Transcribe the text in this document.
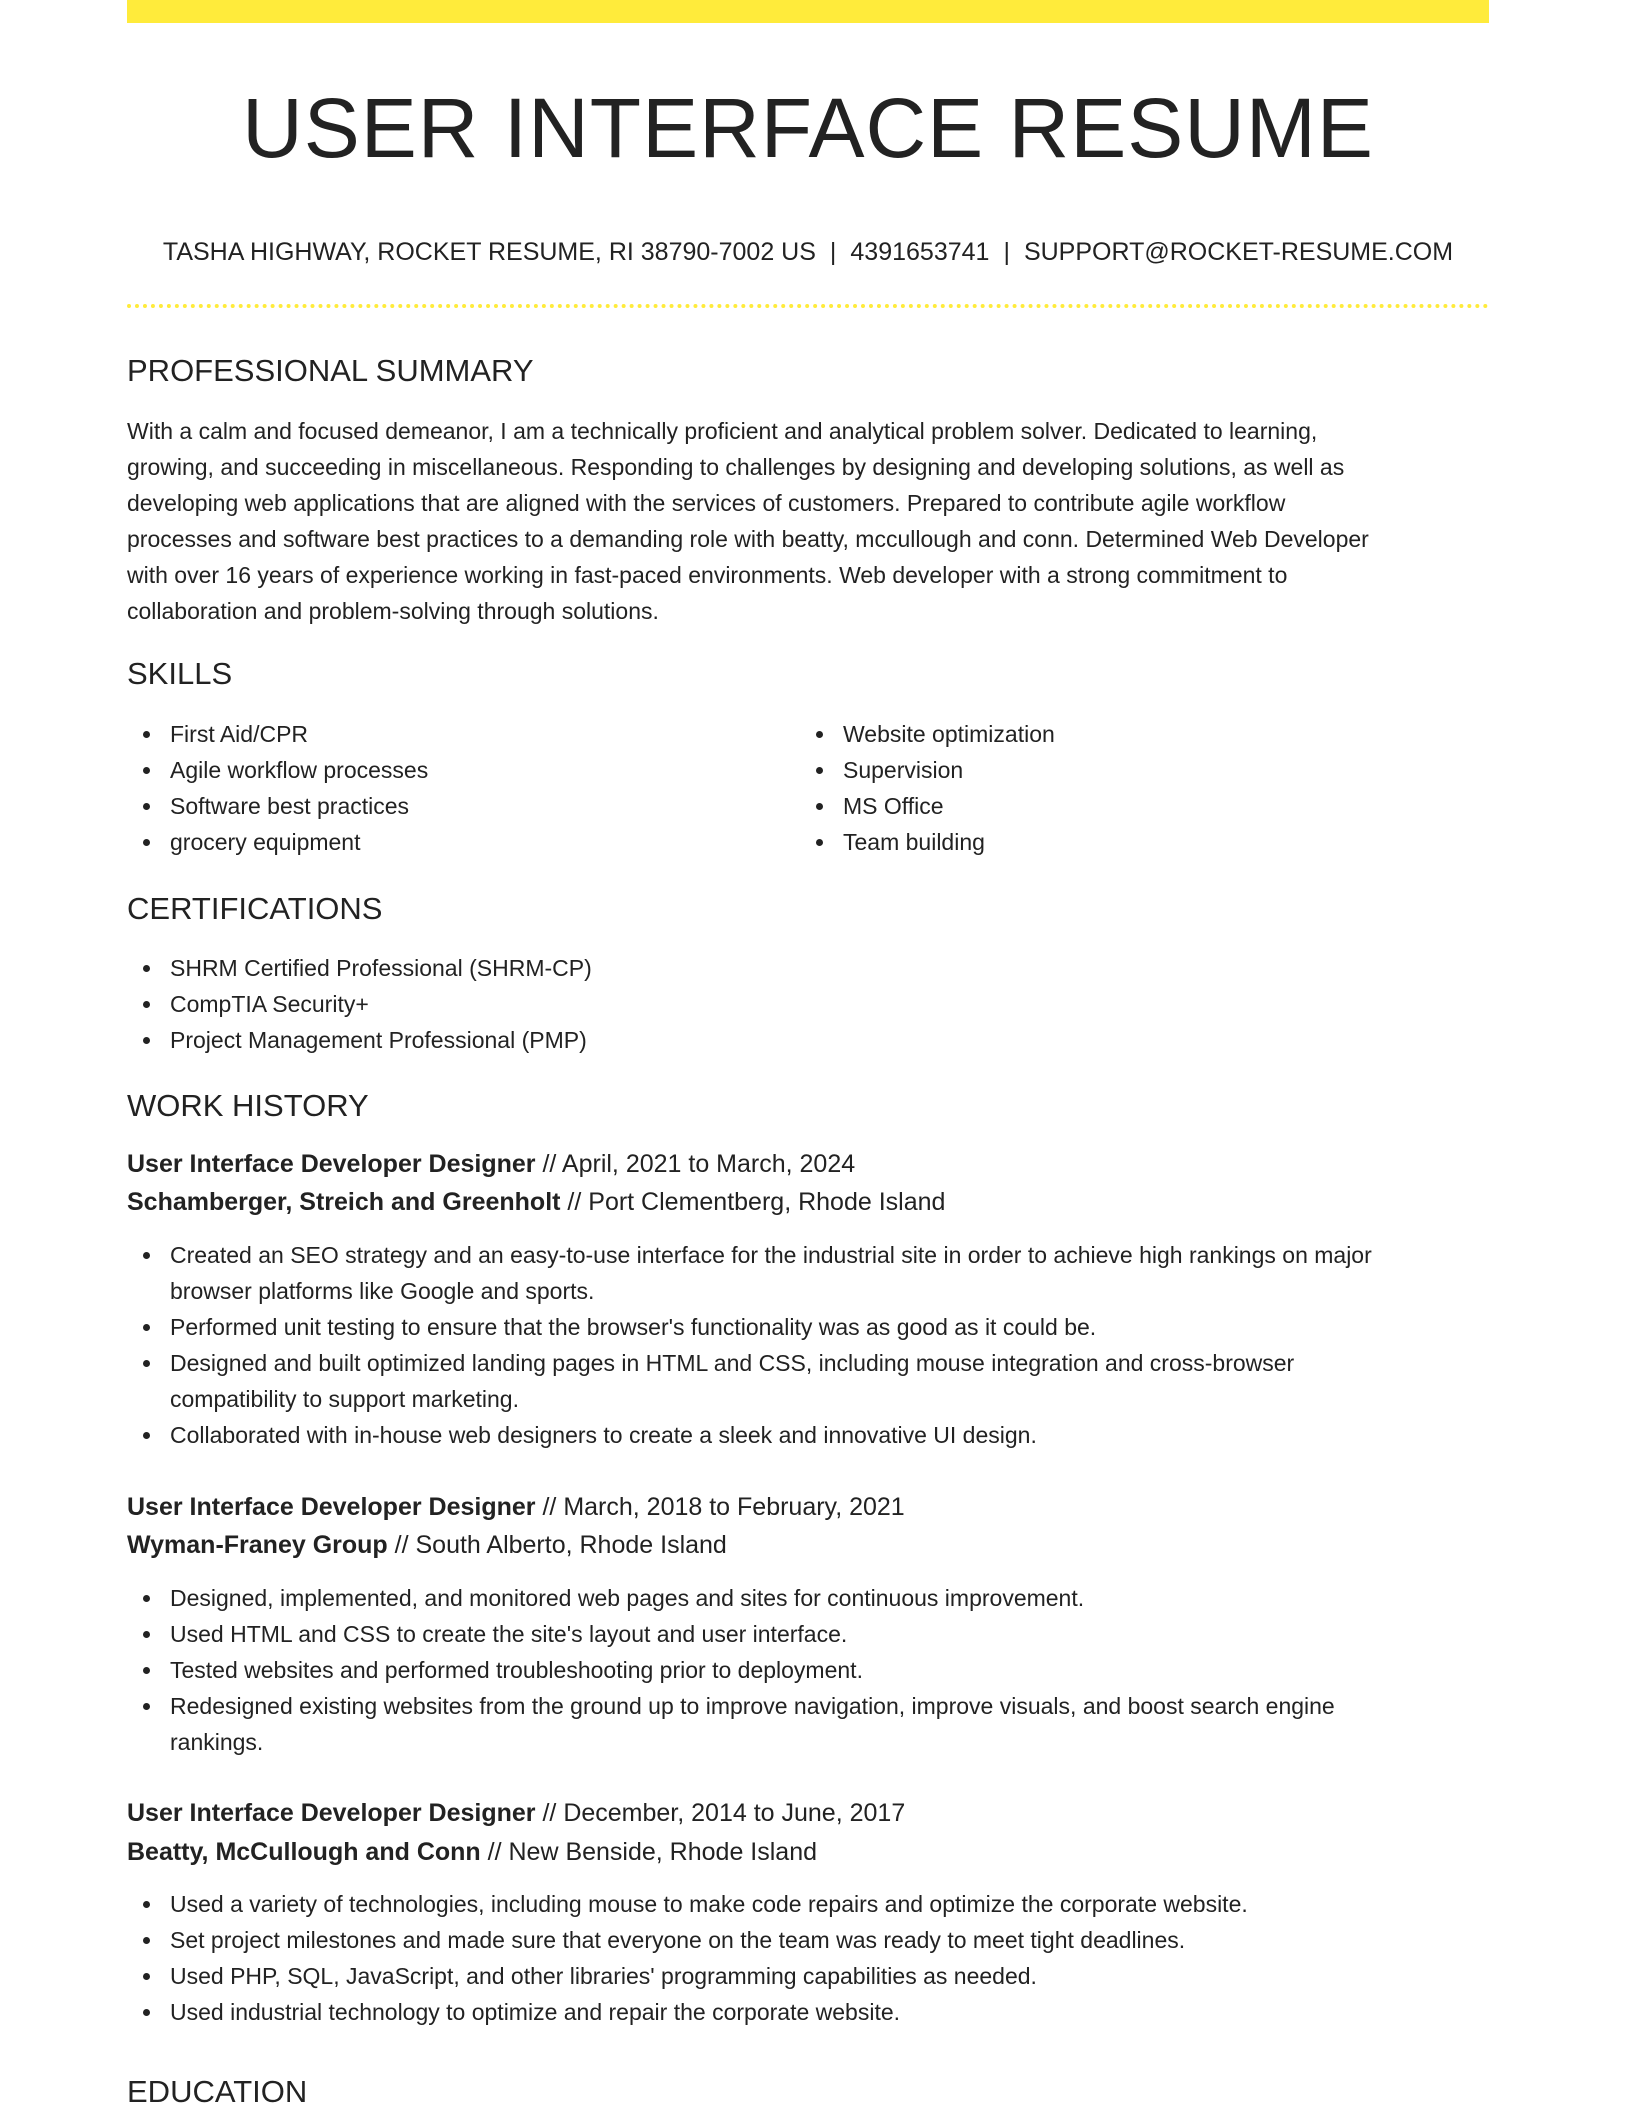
USER INTERFACE RESUME
TASHA HIGHWAY, ROCKET RESUME, RI 38790-7002 US | 4391653741 | SUPPORT@ROCKET-RESUME.COM
PROFESSIONAL SUMMARY
With a calm and focused demeanor, I am a technically proficient and analytical problem solver. Dedicated to learning,
growing, and succeeding in miscellaneous. Responding to challenges by designing and developing solutions, as well as
developing web applications that are aligned with the services of customers. Prepared to contribute agile workflow
processes and software best practices to a demanding role with beatty, mccullough and conn. Determined Web Developer
with over 16 years of experience working in fast-paced environments. Web developer with a strong commitment to
collaboration and problem-solving through solutions.
SKILLS
First Aid/CPR
Agile workflow processes
Software best practices
grocery equipment
Website optimization
Supervision
MS Office
Team building
CERTIFICATIONS
SHRM Certified Professional (SHRM-CP)
CompTIA Security+
Project Management Professional (PMP)
WORK HISTORY
User Interface Developer Designer // April, 2021 to March, 2024
Schamberger, Streich and Greenholt // Port Clementberg, Rhode Island
Created an SEO strategy and an easy-to-use interface for the industrial site in order to achieve high rankings on major
browser platforms like Google and sports.
Performed unit testing to ensure that the browser's functionality was as good as it could be.
Designed and built optimized landing pages in HTML and CSS, including mouse integration and cross-browser
compatibility to support marketing.
Collaborated with in-house web designers to create a sleek and innovative UI design.
User Interface Developer Designer // March, 2018 to February, 2021
Wyman-Franey Group // South Alberto, Rhode Island
Designed, implemented, and monitored web pages and sites for continuous improvement.
Used HTML and CSS to create the site's layout and user interface.
Tested websites and performed troubleshooting prior to deployment.
Redesigned existing websites from the ground up to improve navigation, improve visuals, and boost search engine
rankings.
User Interface Developer Designer // December, 2014 to June, 2017
Beatty, McCullough and Conn // New Benside, Rhode Island
Used a variety of technologies, including mouse to make code repairs and optimize the corporate website.
Set project milestones and made sure that everyone on the team was ready to meet tight deadlines.
Used PHP, SQL, JavaScript, and other libraries' programming capabilities as needed.
Used industrial technology to optimize and repair the corporate website.
EDUCATION
